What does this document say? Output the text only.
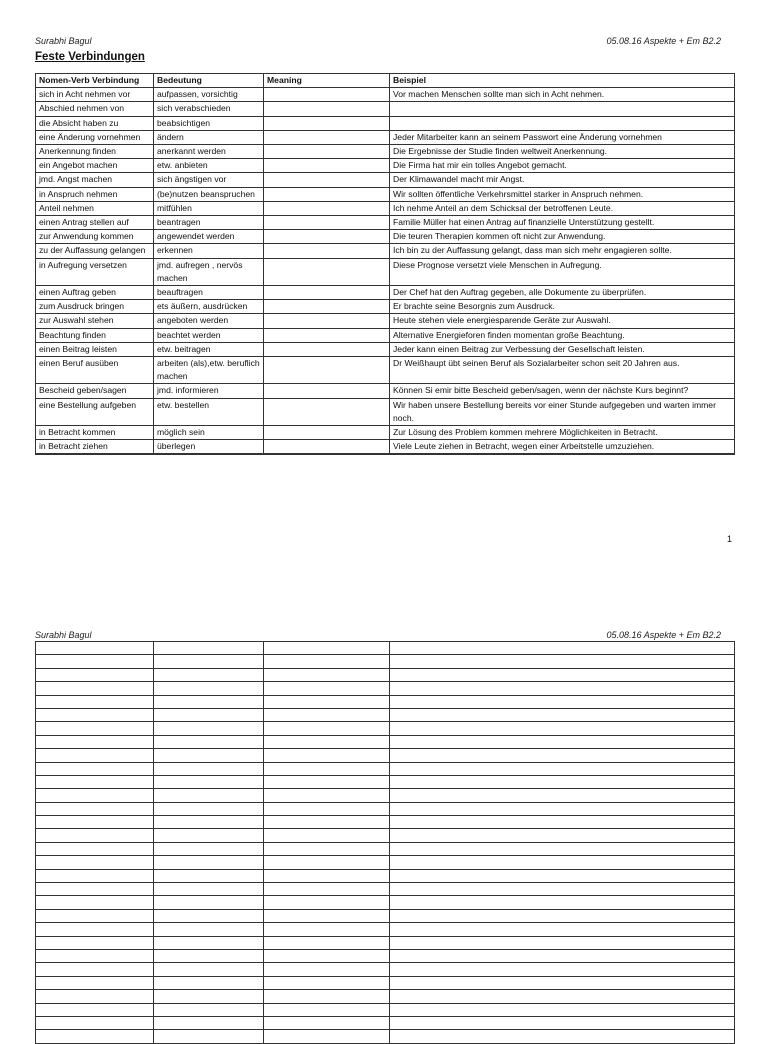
Surabhi Bagul	05.08.16 Aspekte + Em B2.2
Feste Verbindungen
Nomen-Verb Verbindung	Bedeutung	Meaning	Beispiel
sich in Acht nehmen vor	aufpassen, vorsichtig		Vor machen Menschen sollte man sich in Acht nehmen.
Abschied nehmen von	sich verabschieden		
die Absicht haben zu	beabsichtigen		
eine Änderung vornehmen	ändern		Jeder Mitarbeiter kann an seinem Passwort eine Änderung vornehmen
Anerkennung finden	anerkannt werden		Die Ergebnisse der Studie finden weltweit Anerkennung.
ein Angebot machen	etw. anbieten		Die Firma hat mir ein tolles Angebot gemacht.
jmd. Angst machen	sich ängstigen vor		Der Klimawandel macht mir Angst.
in Anspruch nehmen	(be)nutzen beanspruchen		Wir sollten öffentliche Verkehrsmittel starker in Anspruch nehmen.
Anteil nehmen	mitfühlen		Ich nehme Anteil an dem Schicksal der betroffenen Leute.
einen Antrag stellen auf	beantragen		Familie Müller hat einen Antrag auf finanzielle Unterstützung gestellt.
zur Anwendung kommen	angewendet werden		Die teuren Therapien kommen oft nicht zur Anwendung.
zu der Auffassung gelangen	erkennen		Ich bin zu der Auffassung gelangt, dass man sich mehr engagieren sollte.
in Aufregung versetzen	jmd. aufregen , nervös machen		Diese Prognose versetzt viele Menschen in Aufregung.
einen Auftrag geben	beauftragen		Der Chef hat den Auftrag gegeben, alle Dokumente zu überprüfen.
zum Ausdruck bringen	ets äußern, ausdrücken		Er brachte seine Besorgnis zum Ausdruck.
zur Auswahl stehen	angeboten werden		Heute stehen viele energiesparende Geräte zur Auswahl.
Beachtung finden	beachtet werden		Alternative Energieforen finden momentan große Beachtung.
einen Beitrag leisten	etw. beitragen		Jeder kann einen Beitrag zur Verbessung der Gesellschaft leisten.
einen Beruf ausüben	arbeiten (als),etw. beruflich machen		Dr Weißhaupt übt seinen Beruf als Sozialarbeiter schon seit 20 Jahren aus.
Bescheid geben/sagen	jmd. informieren		Können Si emir bitte Bescheid geben/sagen, wenn der nächste Kurs beginnt?
eine Bestellung aufgeben	etw. bestellen		Wir haben unsere Bestellung bereits vor einer Stunde aufgegeben und warten immer noch.
in Betracht kommen	möglich sein		Zur Lösung des Problem kommen mehrere Möglichkeiten in Betracht.
in Betracht ziehen	überlegen		Viele Leute ziehen in Betracht, wegen einer Arbeitstelle umzuziehen.

1
Surabhi Bagul	05.08.16 Aspekte + Em B2.2
